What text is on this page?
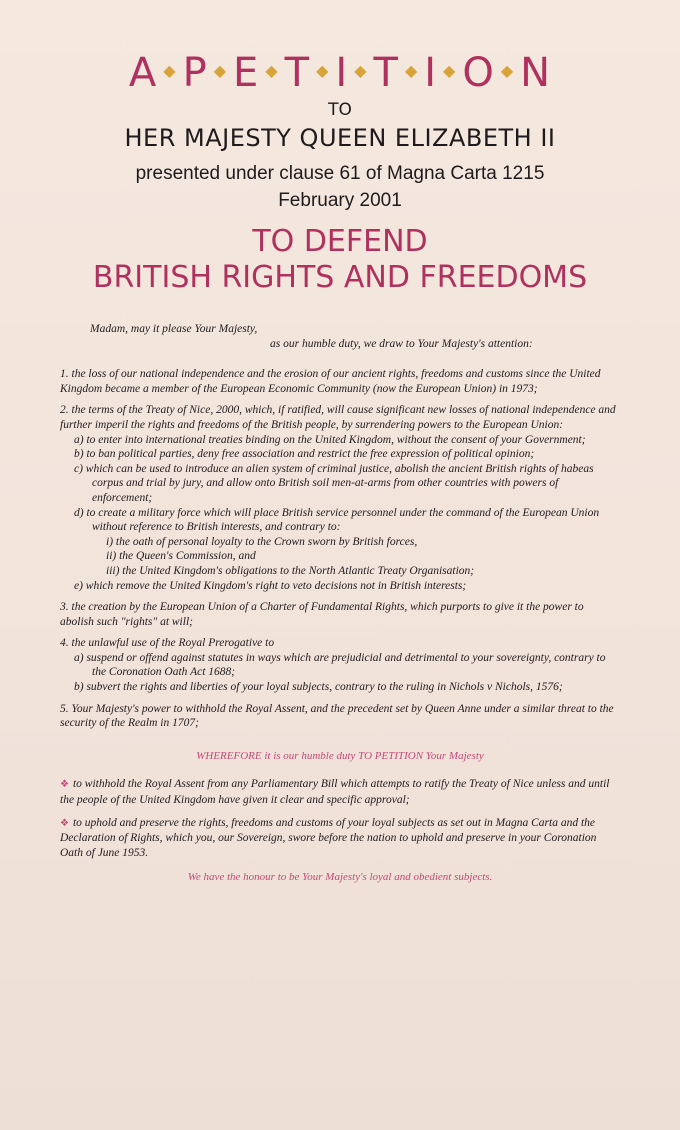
A ◆ P ◆ E ◆ T ◆ I ◆ T ◆ I ◆ O ◆ N
TO
HER MAJESTY QUEEN ELIZABETH II
presented under clause 61 of Magna Carta 1215
February 2001
TO DEFEND
BRITISH RIGHTS AND FREEDOMS
Madam, may it please Your Majesty,
as our humble duty, we draw to Your Majesty's attention:
1. the loss of our national independence and the erosion of our ancient rights, freedoms and customs since the United Kingdom became a member of the European Economic Community (now the European Union) in 1973;
2. the terms of the Treaty of Nice, 2000, which, if ratified, will cause significant new losses of national independence and further imperil the rights and freedoms of the British people, by surrendering powers to the European Union:
a) to enter into international treaties binding on the United Kingdom, without the consent of your Government;
b) to ban political parties, deny free association and restrict the free expression of political opinion;
c) which can be used to introduce an alien system of criminal justice, abolish the ancient British rights of habeas corpus and trial by jury, and allow onto British soil men-at-arms from other countries with powers of enforcement;
d) to create a military force which will place British service personnel under the command of the European Union without reference to British interests, and contrary to:
i) the oath of personal loyalty to the Crown sworn by British forces,
ii) the Queen's Commission, and
iii) the United Kingdom's obligations to the North Atlantic Treaty Organisation;
e) which remove the United Kingdom's right to veto decisions not in British interests;
3. the creation by the European Union of a Charter of Fundamental Rights, which purports to give it the power to abolish such "rights" at will;
4. the unlawful use of the Royal Prerogative to
a) suspend or offend against statutes in ways which are prejudicial and detrimental to your sovereignty, contrary to the Coronation Oath Act 1688;
b) subvert the rights and liberties of your loyal subjects, contrary to the ruling in Nichols v Nichols, 1576;
5. Your Majesty's power to withhold the Royal Assent, and the precedent set by Queen Anne under a similar threat to the security of the Realm in 1707;
WHEREFORE it is our humble duty TO PETITION Your Majesty
❖ to withhold the Royal Assent from any Parliamentary Bill which attempts to ratify the Treaty of Nice unless and until the people of the United Kingdom have given it clear and specific approval;
❖ to uphold and preserve the rights, freedoms and customs of your loyal subjects as set out in Magna Carta and the Declaration of Rights, which you, our Sovereign, swore before the nation to uphold and preserve in your Coronation Oath of June 1953.
We have the honour to be Your Majesty's loyal and obedient subjects.
